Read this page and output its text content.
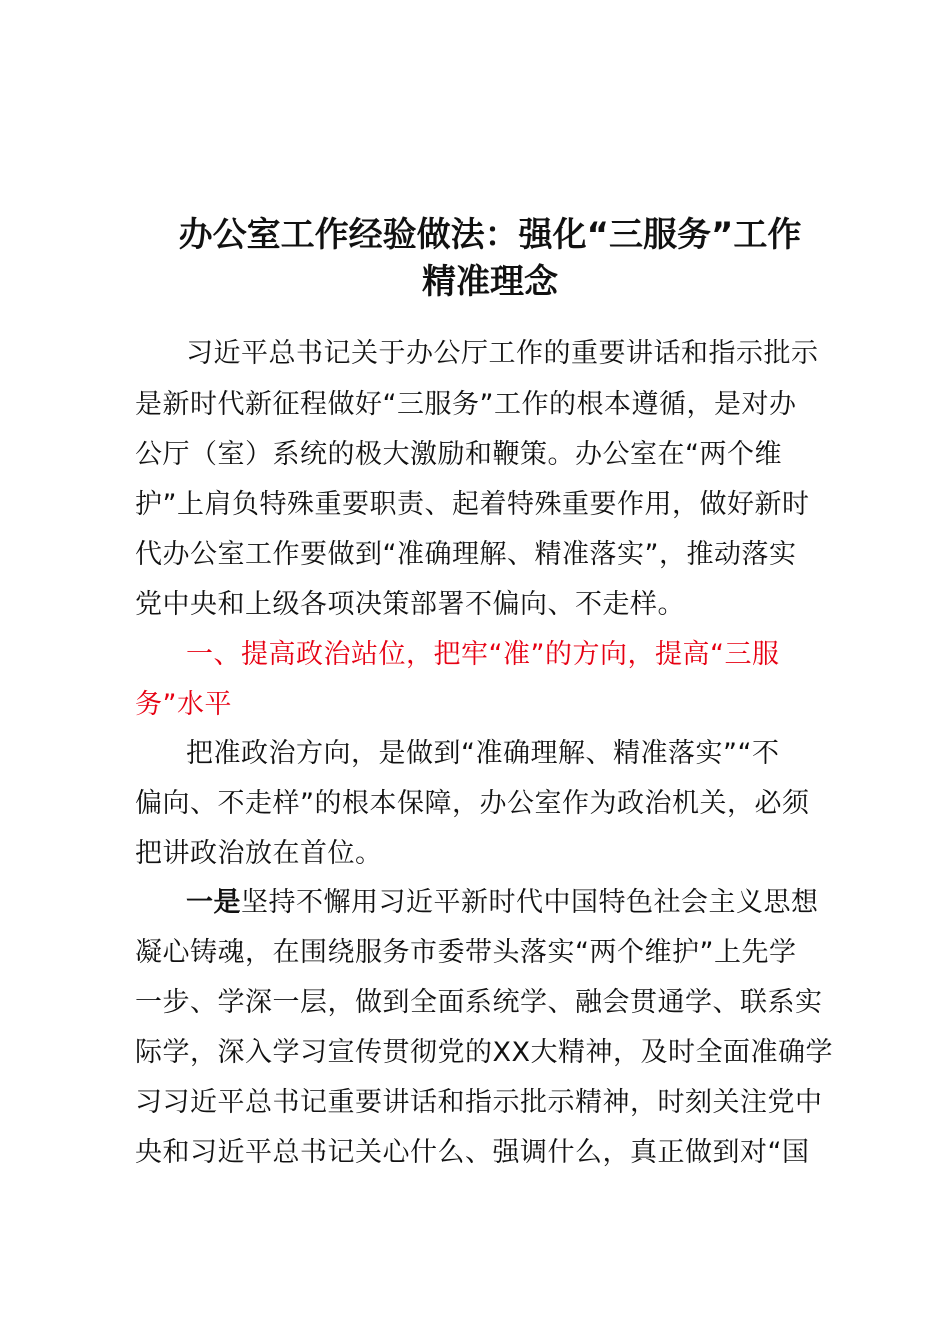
办公室工作经验做法：强化“三服务”工作
精准理念
习近平总书记关于办公厅工作的重要讲话和指示批示
是新时代新征程做好“三服务”工作的根本遵循，是对办
公厅（室）系统的极大激励和鞭策。办公室在“两个维
护”上肩负特殊重要职责、起着特殊重要作用，做好新时
代办公室工作要做到“准确理解、精准落实”，推动落实
党中央和上级各项决策部署不偏向、不走样。
一、提高政治站位，把牢“准”的方向，提高“三服
务”水平
把准政治方向，是做到“准确理解、精准落实”“不
偏向、不走样”的根本保障，办公室作为政治机关，必须
把讲政治放在首位。
一是坚持不懈用习近平新时代中国特色社会主义思想
凝心铸魂，在围绕服务市委带头落实“两个维护”上先学
一步、学深一层，做到全面系统学、融会贯通学、联系实
际学，深入学习宣传贯彻党的XX大精神，及时全面准确学
习习近平总书记重要讲话和指示批示精神，时刻关注党中
央和习近平总书记关心什么、强调什么，真正做到对“国
